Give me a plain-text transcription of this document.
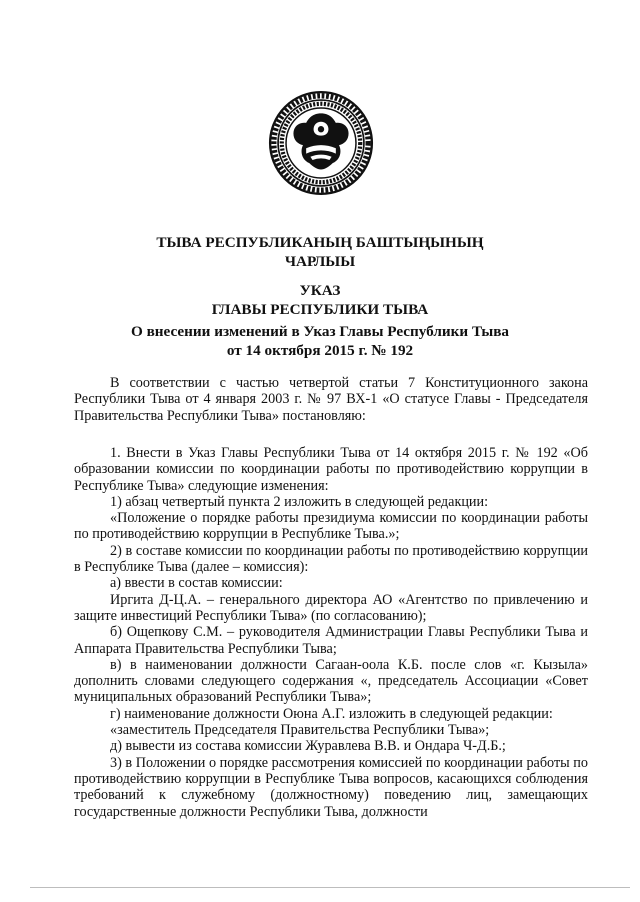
ТЫВА РЕСПУБЛИКАНЫҢ БАШТЫҢЫНЫҢ
ЧАРЛЫЫ
УКАЗ
ГЛАВЫ РЕСПУБЛИКИ ТЫВА
О внесении изменений в Указ Главы Республики Тыва
от 14 октября 2015 г. № 192

В соответствии с частью четвертой статьи 7 Конституционного закона Республики Тыва от 4 января 2003 г. № 97 ВХ-1 «О статусе Главы - Председателя Правительства Республики Тыва» постановляю:

1. Внести в Указ Главы Республики Тыва от 14 октября 2015 г. № 192 «Об образовании комиссии по координации работы по противодействию коррупции в Республике Тыва» следующие изменения:

1) абзац четвертый пункта 2 изложить в следующей редакции:

«Положение о порядке работы президиума комиссии по координации работы по противодействию коррупции в Республике Тыва.»;

2) в составе комиссии по координации работы по противодействию коррупции в Республике Тыва (далее – комиссия):

а) ввести в состав комиссии:

Иргита Д-Ц.А. – генерального директора АО «Агентство по привлечению и защите инвестиций Республики Тыва» (по согласованию);

б) Ощепкову С.М. – руководителя Администрации Главы Республики Тыва и Аппарата Правительства Республики Тыва;

в) в наименовании должности Сагаан-оола К.Б. после слов «г. Кызыла» дополнить словами следующего содержания «, председатель Ассоциации «Совет муниципальных образований Республики Тыва»;

г) наименование должности Оюна А.Г. изложить в следующей редакции:

«заместитель Председателя Правительства Республики Тыва»;

д) вывести из состава комиссии Журавлева В.В. и Ондара Ч-Д.Б.;

3) в Положении о порядке рассмотрения комиссией по координации работы по противодействию коррупции в Республике Тыва вопросов, касающихся соблюдения требований к служебному (должностному) поведению лиц, замещающих государственные должности Республики Тыва, должности
